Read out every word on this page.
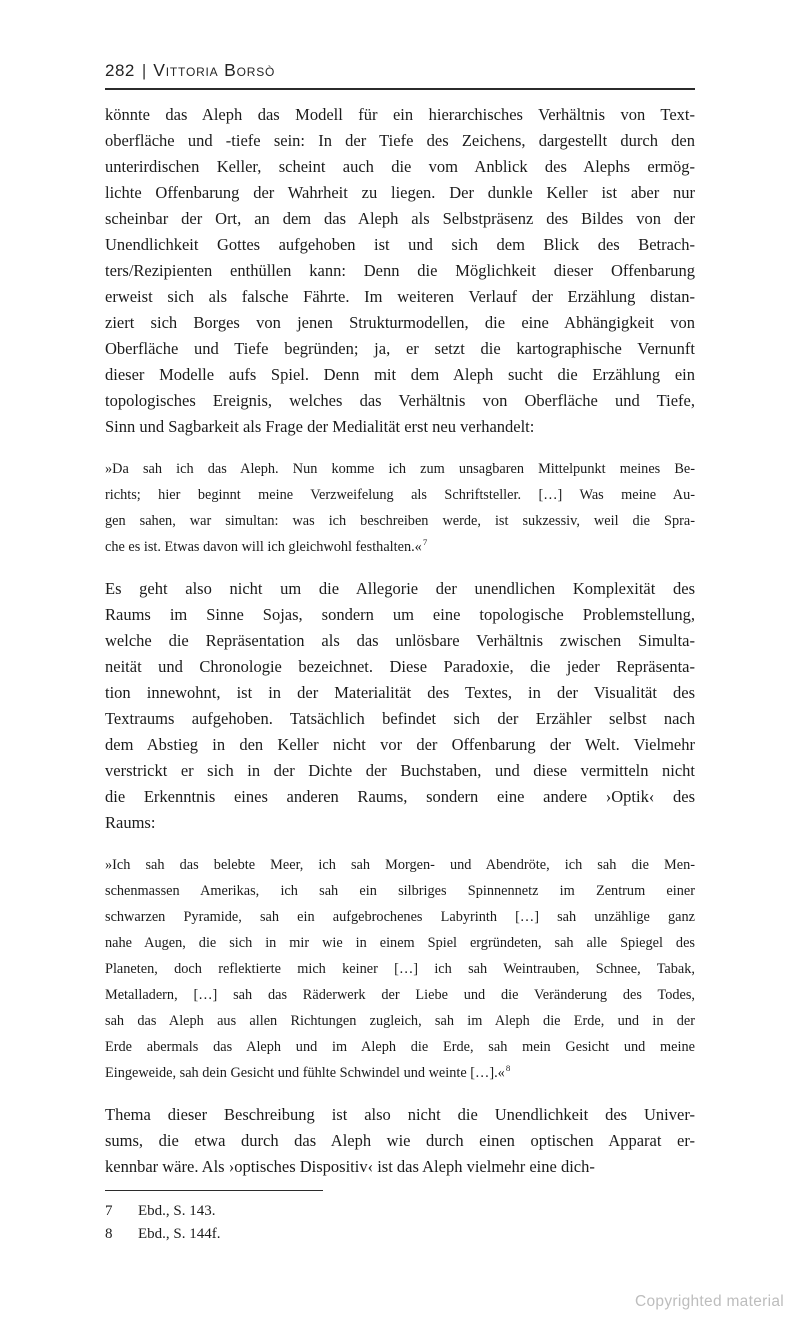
282 | Vittoria Borsò
könnte das Aleph das Modell für ein hierarchisches Verhältnis von Text-
oberfläche und -tiefe sein: In der Tiefe des Zeichens, dargestellt durch den
unterirdischen Keller, scheint auch die vom Anblick des Alephs ermög-
lichte Offenbarung der Wahrheit zu liegen. Der dunkle Keller ist aber nur
scheinbar der Ort, an dem das Aleph als Selbstpräsenz des Bildes von der
Unendlichkeit Gottes aufgehoben ist und sich dem Blick des Betrach-
ters/Rezipienten enthüllen kann: Denn die Möglichkeit dieser Offenbarung
erweist sich als falsche Fährte. Im weiteren Verlauf der Erzählung distan-
ziert sich Borges von jenen Strukturmodellen, die eine Abhängigkeit von
Oberfläche und Tiefe begründen; ja, er setzt die kartographische Vernunft
dieser Modelle aufs Spiel. Denn mit dem Aleph sucht die Erzählung ein
topologisches Ereignis, welches das Verhältnis von Oberfläche und Tiefe,
Sinn und Sagbarkeit als Frage der Medialität erst neu verhandelt:
»Da sah ich das Aleph. Nun komme ich zum unsagbaren Mittelpunkt meines Be-
richts; hier beginnt meine Verzweifelung als Schriftsteller. […] Was meine Au-
gen sahen, war simultan: was ich beschreiben werde, ist sukzessiv, weil die Spra-
che es ist. Etwas davon will ich gleichwohl festhalten.«$^7$
Es geht also nicht um die Allegorie der unendlichen Komplexität des
Raums im Sinne Sojas, sondern um eine topologische Problemstellung,
welche die Repräsentation als das unlösbare Verhältnis zwischen Simulta-
neität und Chronologie bezeichnet. Diese Paradoxie, die jeder Repräsenta-
tion innewohnt, ist in der Materialität des Textes, in der Visualität des
Textraums aufgehoben. Tatsächlich befindet sich der Erzähler selbst nach
dem Abstieg in den Keller nicht vor der Offenbarung der Welt. Vielmehr
verstrickt er sich in der Dichte der Buchstaben, und diese vermitteln nicht
die Erkenntnis eines anderen Raums, sondern eine andere ›Optik‹ des
Raums:
»Ich sah das belebte Meer, ich sah Morgen- und Abendröte, ich sah die Men-
schenmassen Amerikas, ich sah ein silbriges Spinnennetz im Zentrum einer
schwarzen Pyramide, sah ein aufgebrochenes Labyrinth […] sah unzählige ganz
nahe Augen, die sich in mir wie in einem Spiel ergründeten, sah alle Spiegel des
Planeten, doch reflektierte mich keiner […] ich sah Weintrauben, Schnee, Tabak,
Metalladern, […] sah das Räderwerk der Liebe und die Veränderung des Todes,
sah das Aleph aus allen Richtungen zugleich, sah im Aleph die Erde, und in der
Erde abermals das Aleph und im Aleph die Erde, sah mein Gesicht und meine
Eingeweide, sah dein Gesicht und fühlte Schwindel und weinte […].«$^8$
Thema dieser Beschreibung ist also nicht die Unendlichkeit des Univer-
sums, die etwa durch das Aleph wie durch einen optischen Apparat er-
kennbar wäre. Als ›optisches Dispositiv‹ ist das Aleph vielmehr eine dich-
7	Ebd., S. 143.
8	Ebd., S. 144f.
Copyrighted material
